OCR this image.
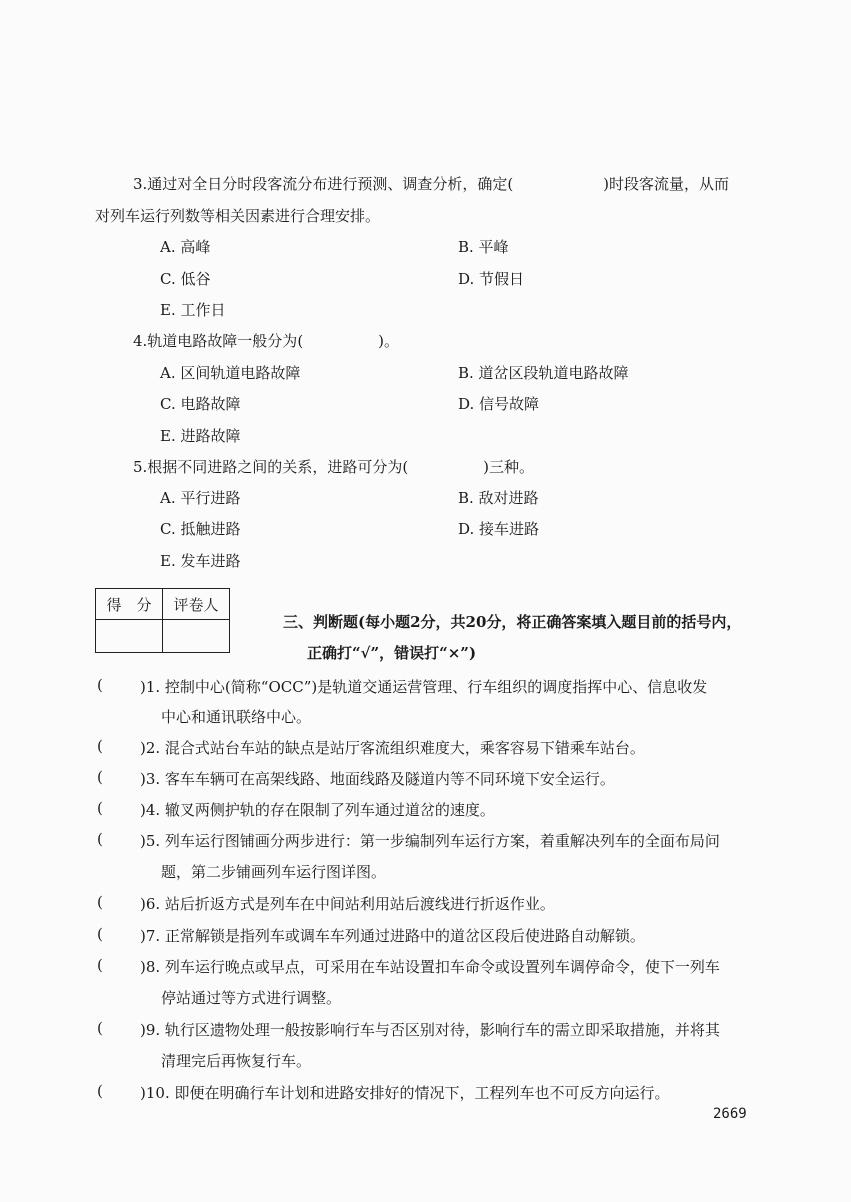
3.通过对全日分时段客流分布进行预测、调查分析，确定(　　　　　　)时段客流量，从而
对列车运行列数等相关因素进行合理安排。
A. 高峰	B. 平峰
C. 低谷	D. 节假日
E. 工作日
4.轨道电路故障一般分为(　　　　　)。
A. 区间轨道电路故障	B. 道岔区段轨道电路故障
C. 电路故障	D. 信号故障
E. 进路故障
5.根据不同进路之间的关系，进路可分为(　　　　　)三种。
A. 平行进路	B. 敌对进路
C. 抵触进路	D. 接车进路
E. 发车进路
得　分	评卷人

三、判断题(每小题2分，共20分，将正确答案填入题目前的括号内，
正确打“√”，错误打“×”)
( )1. 控制中心(简称“OCC”)是轨道交通运营管理、行车组织的调度指挥中心、信息收发
中心和通讯联络中心。
( )2. 混合式站台车站的缺点是站厅客流组织难度大，乘客容易下错乘车站台。
( )3. 客车车辆可在高架线路、地面线路及隧道内等不同环境下安全运行。
( )4. 辙叉两侧护轨的存在限制了列车通过道岔的速度。
( )5. 列车运行图铺画分两步进行：第一步编制列车运行方案，着重解决列车的全面布局问
题，第二步铺画列车运行图详图。
( )6. 站后折返方式是列车在中间站利用站后渡线进行折返作业。
( )7. 正常解锁是指列车或调车车列通过进路中的道岔区段后使进路自动解锁。
( )8. 列车运行晚点或早点，可采用在车站设置扣车命令或设置列车调停命令，使下一列车
停站通过等方式进行调整。
( )9. 轨行区遗物处理一般按影响行车与否区别对待，影响行车的需立即采取措施，并将其
清理完后再恢复行车。
( )10. 即便在明确行车计划和进路安排好的情况下，工程列车也不可反方向运行。
2669
